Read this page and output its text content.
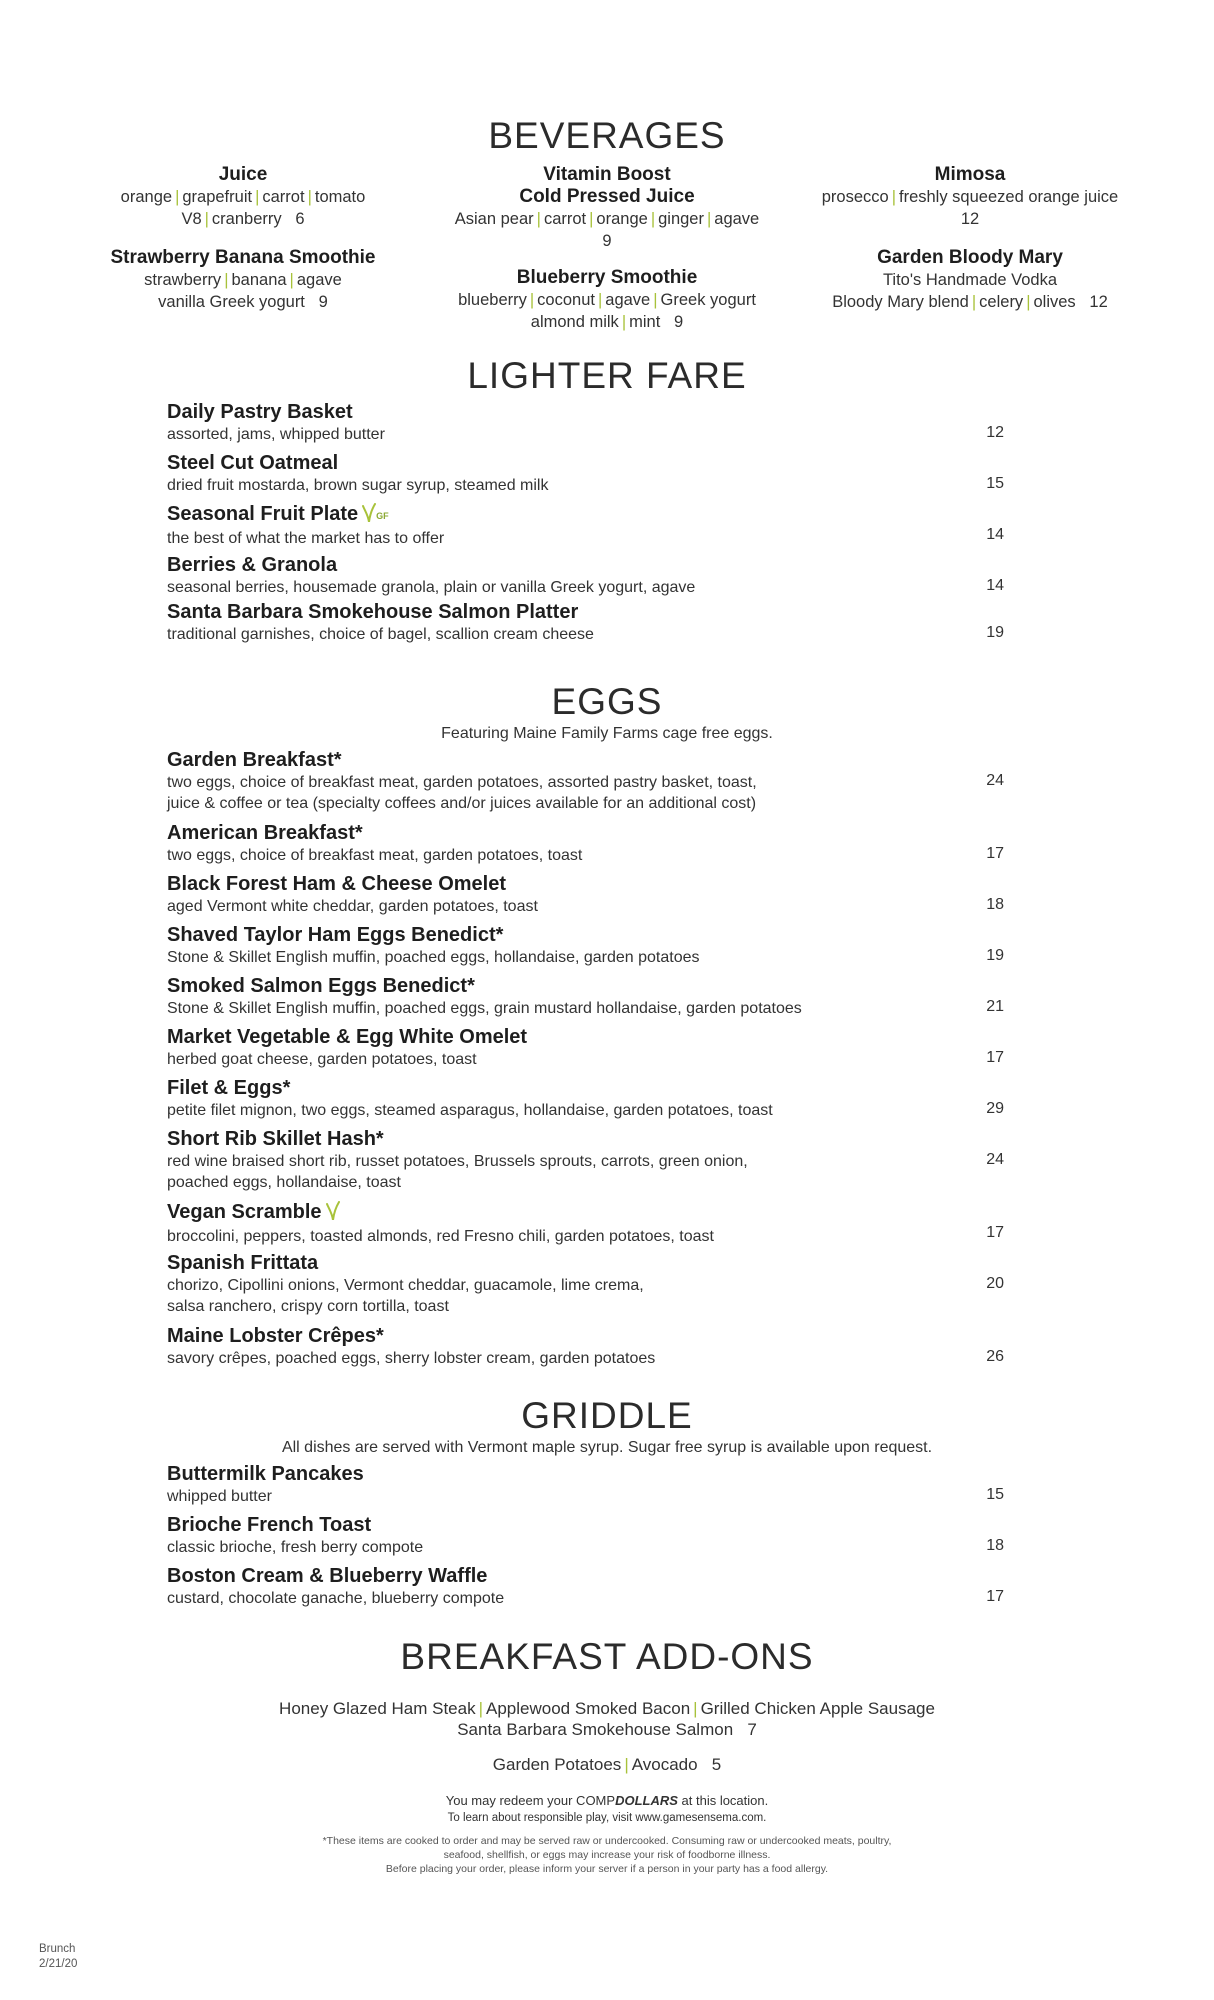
BEVERAGES
Juice
orange | grapefruit | carrot | tomato
V8 | cranberry   6
Strawberry Banana Smoothie
strawberry | banana | agave
vanilla Greek yogurt   9
Vitamin Boost
Cold Pressed Juice
Asian pear | carrot | orange | ginger | agave
9
Blueberry Smoothie
blueberry | coconut | agave | Greek yogurt
almond milk | mint   9
Mimosa
prosecco | freshly squeezed orange juice
12
Garden Bloody Mary
Tito's Handmade Vodka
Bloody Mary blend | celery | olives   12
LIGHTER FARE
Daily Pastry Basket
assorted, jams, whipped butter	12
Steel Cut Oatmeal
dried fruit mostarda, brown sugar syrup, steamed milk	15
Seasonal Fruit Plate $^{GF}$
the best of what the market has to offer	14
Berries & Granola
seasonal berries, housemade granola, plain or vanilla Greek yogurt, agave	14
Santa Barbara Smokehouse Salmon Platter
traditional garnishes, choice of bagel, scallion cream cheese	19
EGGS
Featuring Maine Family Farms cage free eggs.
Garden Breakfast*
two eggs, choice of breakfast meat, garden potatoes, assorted pastry basket, toast,
juice & coffee or tea (specialty coffees and/or juices available for an additional cost)
24
American Breakfast*
two eggs, choice of breakfast meat, garden potatoes, toast	17
Black Forest Ham & Cheese Omelet
aged Vermont white cheddar, garden potatoes, toast	18
Shaved Taylor Ham Eggs Benedict*
Stone & Skillet English muffin, poached eggs, hollandaise, garden potatoes	19
Smoked Salmon Eggs Benedict*
Stone & Skillet English muffin, poached eggs, grain mustard hollandaise, garden potatoes	21
Market Vegetable & Egg White Omelet
herbed goat cheese, garden potatoes, toast	17
Filet & Eggs*
petite filet mignon, two eggs, steamed asparagus, hollandaise, garden potatoes, toast	29
Short Rib Skillet Hash*
red wine braised short rib, russet potatoes, Brussels sprouts, carrots, green onion,
poached eggs, hollandaise, toast
24
Vegan Scramble
broccolini, peppers, toasted almonds, red Fresno chili, garden potatoes, toast	17
Spanish Frittata
chorizo, Cipollini onions, Vermont cheddar, guacamole, lime crema,
salsa ranchero, crispy corn tortilla, toast
20
Maine Lobster Crêpes*
savory crêpes, poached eggs, sherry lobster cream, garden potatoes	26
GRIDDLE
All dishes are served with Vermont maple syrup. Sugar free syrup is available upon request.
Buttermilk Pancakes
whipped butter	15
Brioche French Toast
classic brioche, fresh berry compote	18
Boston Cream & Blueberry Waffle
custard, chocolate ganache, blueberry compote	17
BREAKFAST ADD-ONS
Honey Glazed Ham Steak | Applewood Smoked Bacon | Grilled Chicken Apple Sausage
Santa Barbara Smokehouse Salmon   7
Garden Potatoes | Avocado   5
You may redeem your COMPDOLLARS at this location.
To learn about responsible play, visit www.gamesensema.com.
*These items are cooked to order and may be served raw or undercooked. Consuming raw or undercooked meats, poultry,
seafood, shellfish, or eggs may increase your risk of foodborne illness.
Before placing your order, please inform your server if a person in your party has a food allergy.
Brunch
2/21/20
